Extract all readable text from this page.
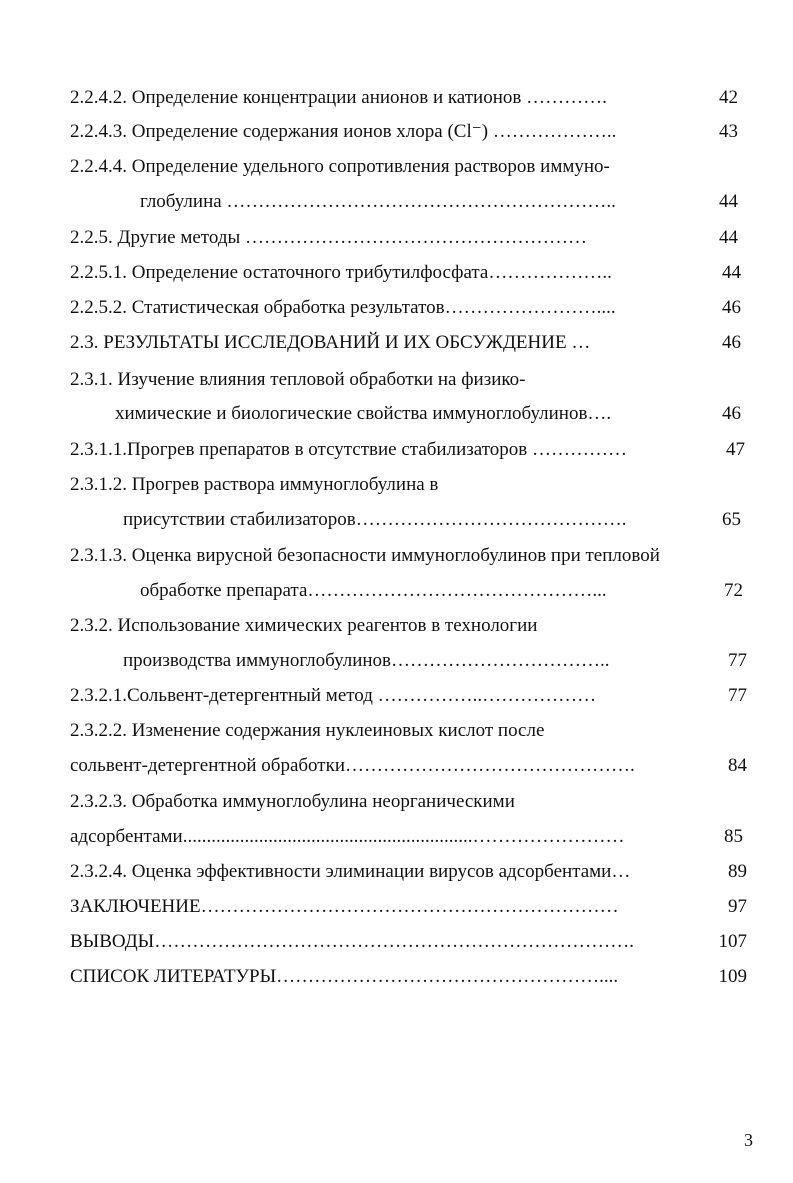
2.2.4.2. Определение концентрации анионов и катионов ………….	42
2.2.4.3. Определение содержания ионов хлора (Cl⁻) ………………..	43
2.2.4.4. Определение удельного сопротивления растворов иммуно-
глобулина ……………………………………………………..	44
2.2.5. Другие методы ………………………………………………	44
2.2.5.1. Определение остаточного трибутилфосфата………………..	44
2.2.5.2. Статистическая обработка результатов……………………....	46
2.3. РЕЗУЛЬТАТЫ ИССЛЕДОВАНИЙ И ИХ ОБСУЖДЕНИЕ …	46
2.3.1. Изучение влияния тепловой обработки на физико-
химические и биологические свойства иммуноглобулинов….	46
2.3.1.1.Прогрев препаратов в отсутствие стабилизаторов ……………	47
2.3.1.2. Прогрев раствора иммуноглобулина в
присутствии стабилизаторов…………………………………….	65
2.3.1.3. Оценка вирусной безопасности иммуноглобулинов при тепловой
обработке препарата………………………………………...	72
2.3.2. Использование химических реагентов в технологии
производства иммуноглобулинов……………………………..	77
2.3.2.1.Сольвент-детергентный метод ……………..………………	77
2.3.2.2. Изменение содержания нуклеиновых кислот после
сольвент-детергентной обработки……………………………………….	84
2.3.2.3. Обработка иммуноглобулина неорганическими
адсорбентами.............................................................……………………	85
2.3.2.4. Оценка эффективности элиминации вирусов адсорбентами…	89
ЗАКЛЮЧЕНИЕ…………………………………………………………	97
ВЫВОДЫ………………………………………………………………….	107
СПИСОК ЛИТЕРАТУРЫ……………………………………………....	109
3
